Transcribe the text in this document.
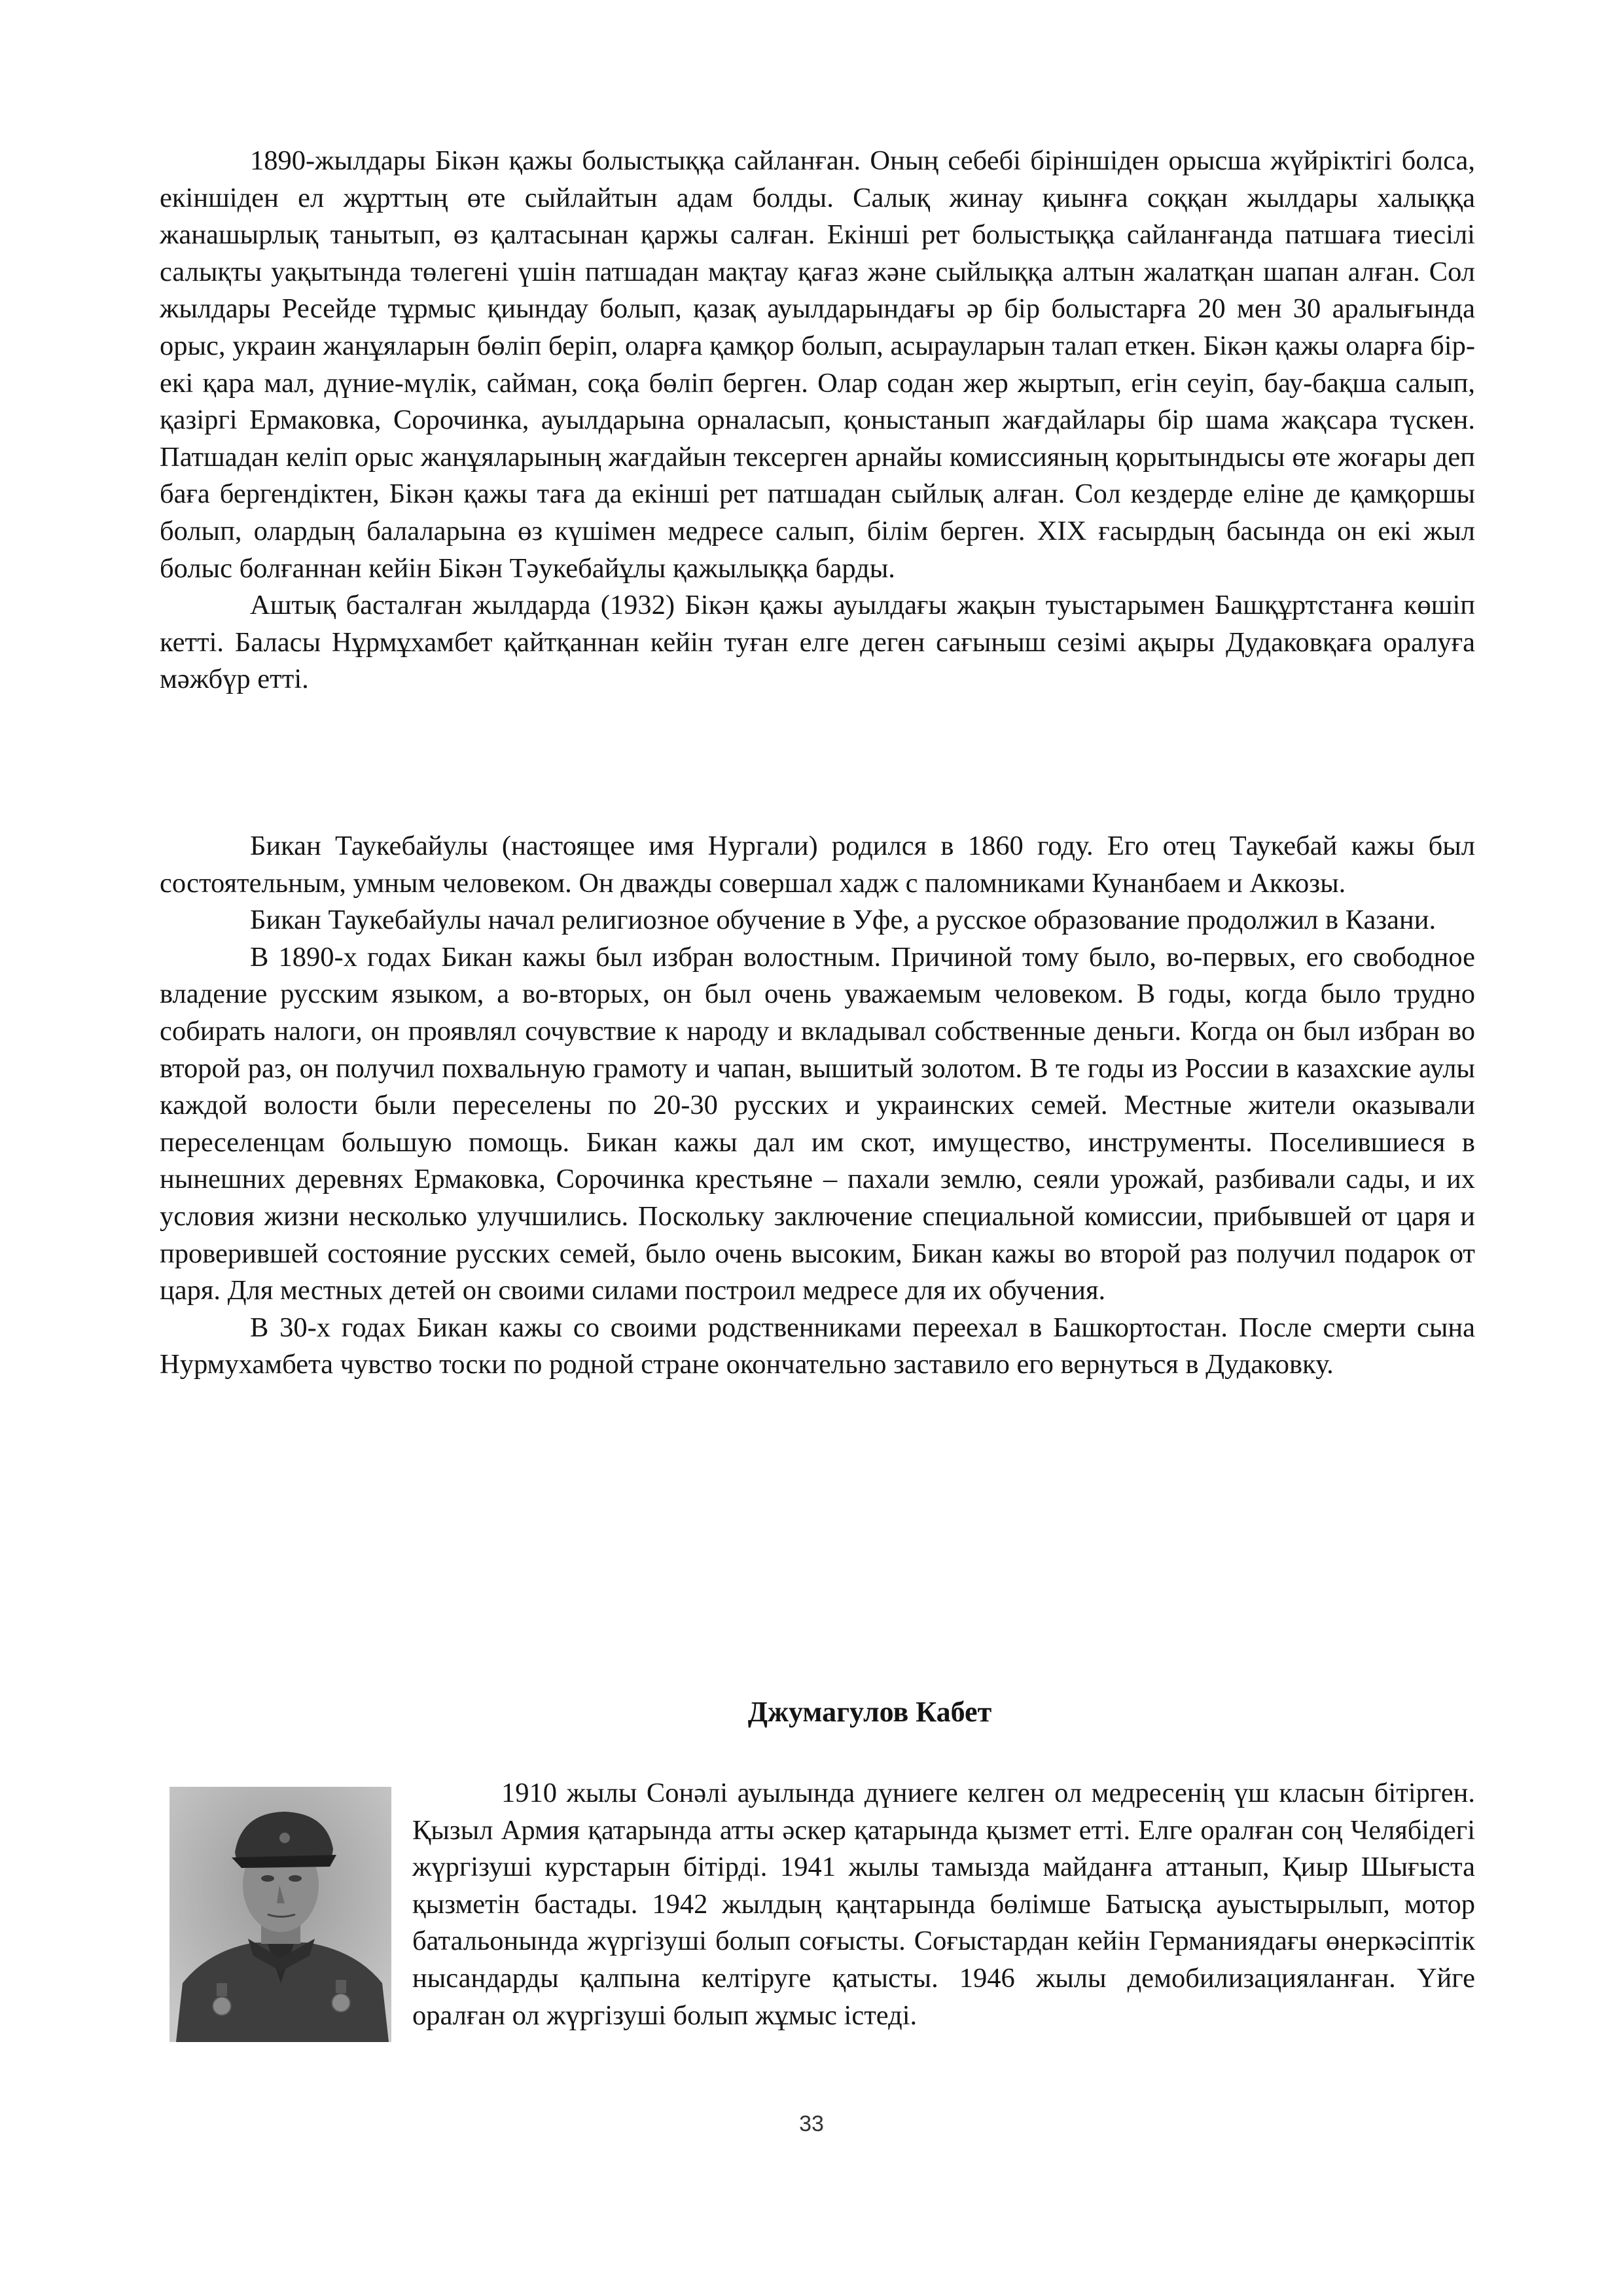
1890-жылдары Бікән қажы болыстыққа сайланған. Оның себебі біріншіден орысша жүйріктігі болса, екіншіден ел жұрттың өте сыйлайтын адам болды. Салық жинау қиынға соққан жылдары халыққа жанашырлық танытып, өз қалтасынан қаржы салған. Екінші рет болыстыққа сайланғанда патшаға тиесілі салықты уақытында төлегені үшін патшадан мақтау қағаз және сыйлыққа алтын жалатқан шапан алған. Сол жылдары Ресейде тұрмыс қиындау болып, қазақ ауылдарындағы әр бір болыстарға 20 мен 30 аралығында орыс, украин жанұяларын бөліп беріп, оларға қамқор болып, асырауларын талап еткен. Бікән қажы оларға бір-екі қара мал, дүние-мүлік, сайман, соқа бөліп берген. Олар содан жер жыртып, егін сеуіп, бау-бақша салып, қазіргі Ермаковка, Сорочинка, ауылдарына орналасып, қоныстанып жағдайлары бір шама жақсара түскен. Патшадан келіп орыс жанұяларының жағдайын тексерген арнайы комиссияның қорытындысы өте жоғары деп баға бергендіктен, Бікән қажы таға да екінші рет патшадан сыйлық алған. Сол кездерде еліне де қамқоршы болып, олардың балаларына өз күшімен медресе салып, білім берген. XIX ғасырдың басында он екі жыл болыс болғаннан кейін Бікән Тәукебайұлы қажылыққа барды.

Аштық басталған жылдарда (1932) Бікән қажы ауылдағы жақын туыстарымен Башқұртстанға көшіп кетті. Баласы Нұрмұхамбет қайтқаннан кейін туған елге деген сағыныш сезімі ақыры Дудаковқаға оралуға мәжбүр етті.

Бикан Таукебайулы (настоящее имя Нургали) родился в 1860 году. Его отец Таукебай кажы был состоятельным, умным человеком. Он дважды совершал хадж с паломниками Кунанбаем и Аккозы.

Бикан Таукебайулы начал религиозное обучение в Уфе, а русское образование продолжил в Казани.

В 1890-х годах Бикан кажы был избран волостным. Причиной тому было, во-первых, его свободное владение русским языком, а во-вторых, он был очень уважаемым человеком. В годы, когда было трудно собирать налоги, он проявлял сочувствие к народу и вкладывал собственные деньги. Когда он был избран во второй раз, он получил похвальную грамоту и чапан, вышитый золотом. В те годы из России в казахские аулы каждой волости были переселены по 20-30 русских и украинских семей. Местные жители оказывали переселенцам большую помощь. Бикан кажы дал им скот, имущество, инструменты. Поселившиеся в нынешних деревнях Ермаковка, Сорочинка крестьяне – пахали землю, сеяли урожай, разбивали сады, и их условия жизни несколько улучшились. Поскольку заключение специальной комиссии, прибывшей от царя и проверившей состояние русских семей, было очень высоким, Бикан кажы во второй раз получил подарок от царя. Для местных детей он своими силами построил медресе для их обучения.

В 30-х годах Бикан кажы со своими родственниками переехал в Башкортостан. После смерти сына Нурмухамбета чувство тоски по родной стране окончательно заставило его вернуться в Дудаковку.

Джумагулов Кабет

1910 жылы Сонәлі ауылында дүниеге келген ол медресенің үш класын бітірген. Қызыл Армия қатарында атты әскер қатарында қызмет етті. Елге оралған соң Челябідегі жүргізуші курстарын бітірді. 1941 жылы тамызда майданға аттанып, Қиыр Шығыста қызметін бастады. 1942 жылдың қаңтарында бөлімше Батысқа ауыстырылып, мотор батальонында жүргізуші болып соғысты. Соғыстардан кейін Германиядағы өнеркәсіптік нысандарды қалпына келтіруге қатысты. 1946 жылы демобилизацияланған. Үйге оралған ол жүргізуші болып жұмыс істеді.

33
